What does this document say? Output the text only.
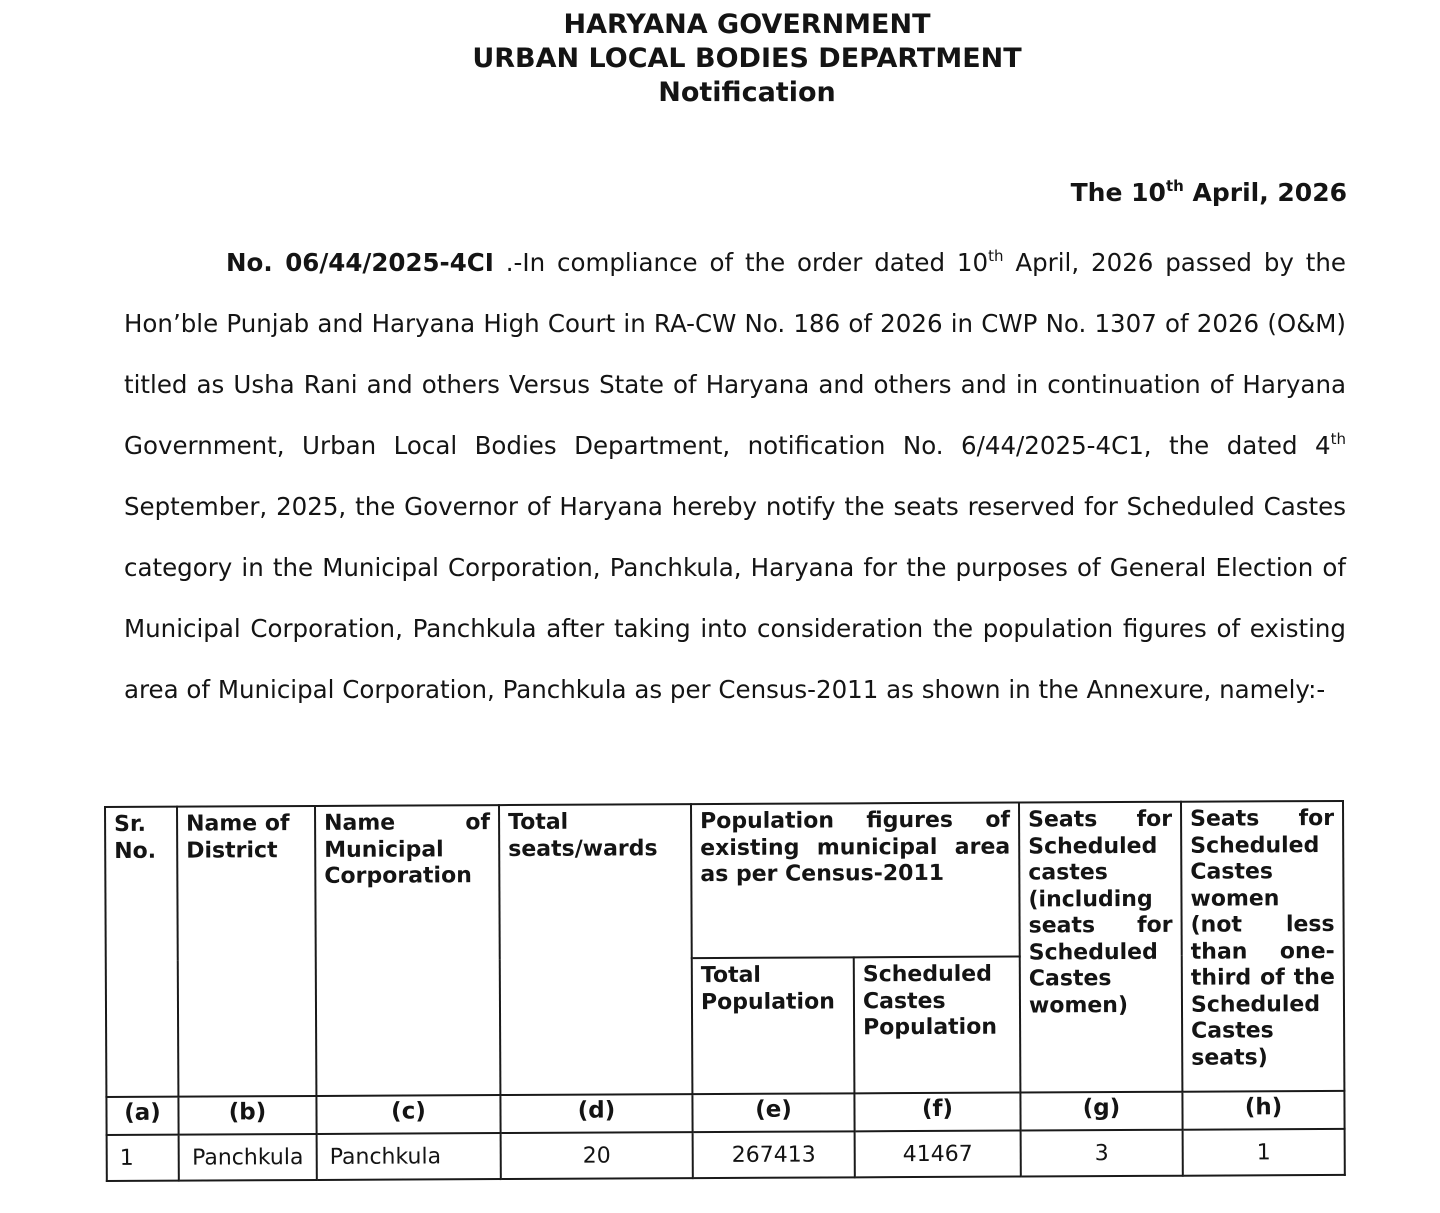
HARYANA GOVERNMENT
URBAN LOCAL BODIES DEPARTMENT
Notification
The 10th April, 2026
No. 06/44/2025-4CI .-In compliance of the order dated 10th April, 2026 passed by the Hon’ble Punjab and Haryana High Court in RA-CW No. 186 of 2026 in CWP No. 1307 of 2026 (O&M) titled as Usha Rani and others Versus State of Haryana and others and in continuation of Haryana Government, Urban Local Bodies Department, notification No. 6/44/2025-4C1, the dated 4th September, 2025, the Governor of Haryana hereby notify the seats reserved for Scheduled Castes category in the Municipal Corporation, Panchkula, Haryana for the purposes of General Election of Municipal Corporation, Panchkula after taking into consideration the population figures of existing area of Municipal Corporation, Panchkula as per Census-2011 as shown in the Annexure, namely:-
Sr. No.	Name of District	Name of Municipal Corporation	Total seats/wards	Population figures of existing municipal area as per Census-2011		Seats for Scheduled castes (including seats for Scheduled Castes women)	Seats for Scheduled Castes women (not less than one-third of the Scheduled Castes seats)
				Total Population	Scheduled Castes Population		
(a)	(b)	(c)	(d)	(e)	(f)	(g)	(h)
1	Panchkula	Panchkula	20	267413	41467	3	1
